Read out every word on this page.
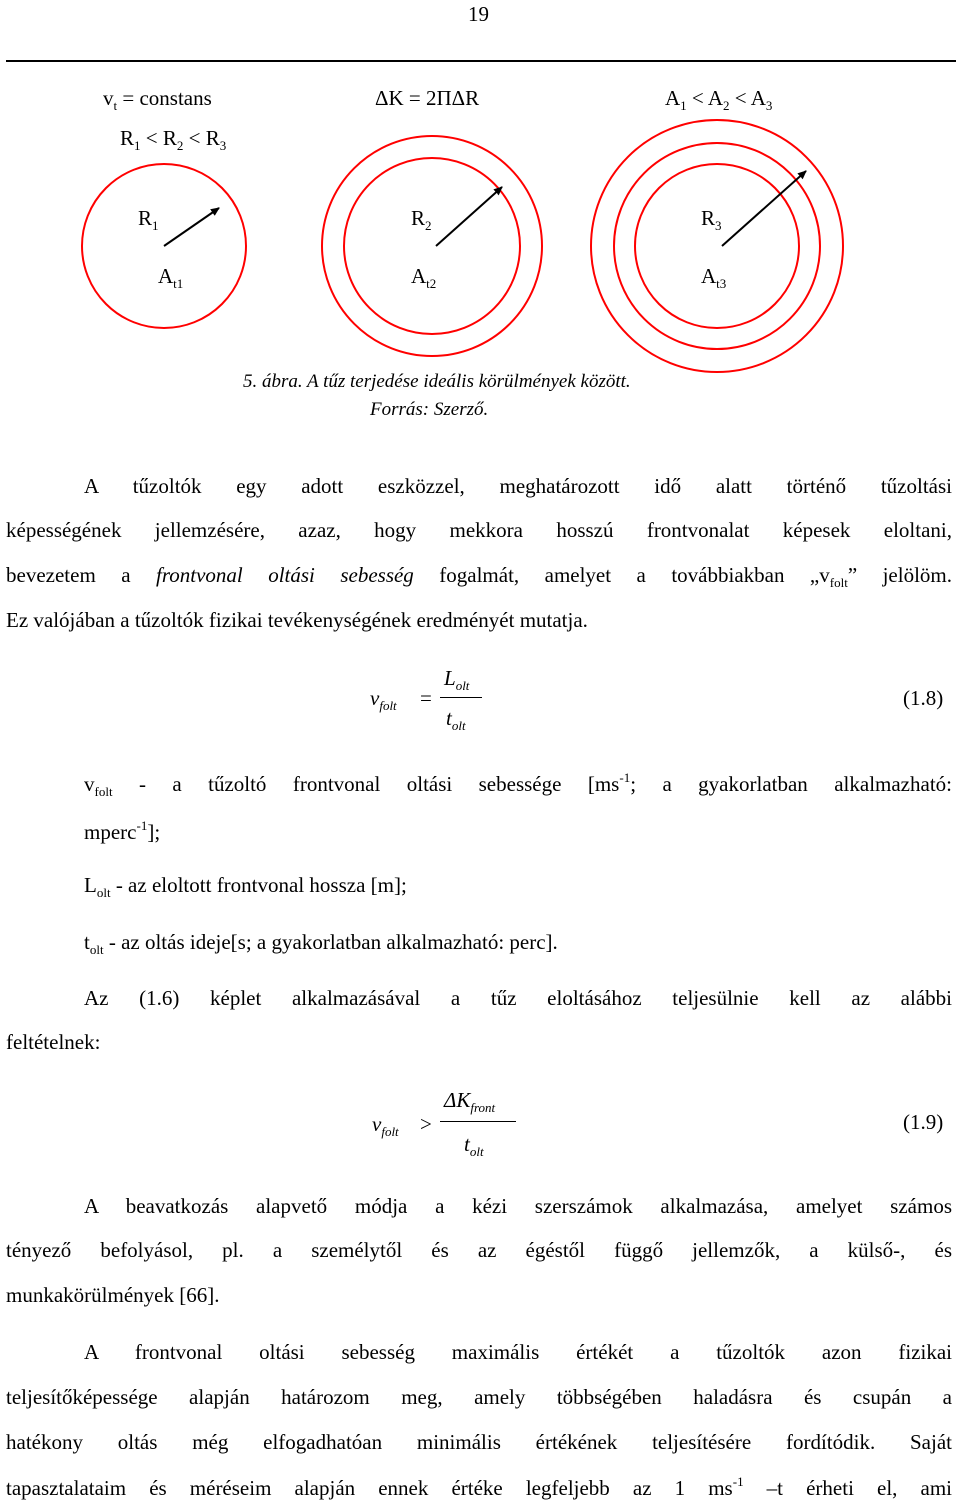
19
$v_t$ = constans	ΔK = 2ΠΔR	$A_1 < A_2 < A_3$
$R_1 < R_2 < R_3$
$R_1$
$A_{t1}$
$R_2$
$A_{t2}$
$R_3$
$A_{t3}$
5. ábra. A tűz terjedése ideális körülmények között.
Forrás: Szerző.
A tűzoltók egy adott eszközzel, meghatározott idő alatt történő tűzoltási
képességének jellemzésére, azaz, hogy mekkora hosszú frontvonalat képesek eloltani,
bevezetem a frontvonal oltási sebesség fogalmát, amelyet a továbbiakban $„v_{folt}$” jelölöm.
Ez valójában a tűzoltók fizikai tevékenységének eredményét mutatja.
$v_{folt}$ =
$L_{olt}$
$t_{olt}$
(1.8)
$v_{folt}$ - a tűzoltó frontvonal oltási sebessége [$ms^{-1}$; a gyakorlatban alkalmazható:
mperc$^{-1}$];
$L_{olt}$ - az eloltott frontvonal hossza [m];
$t_{olt}$ - az oltás ideje[s; a gyakorlatban alkalmazható: perc].
Az (1.6) képlet alkalmazásával a tűz eloltásához teljesülnie kell az alábbi
feltételnek:
$v_{folt}$ >
$\Delta K_{front}$
$t_{olt}$
(1.9)
A beavatkozás alapvető módja a kézi szerszámok alkalmazása, amelyet számos
tényező befolyásol, pl. a személytől és az égéstől függő jellemzők, a külső-, és
munkakörülmények [66].
A frontvonal oltási sebesség maximális értékét a tűzoltók azon fizikai
teljesítőképessége alapján határozom meg, amely többségében haladásra és csupán a
hatékony oltás még elfogadhatóan minimális értékének teljesítésére fordítódik. Saját
tapasztalataim és méréseim alapján ennek értéke legfeljebb az 1 $ms^{-1}$ –t érheti el, ami
